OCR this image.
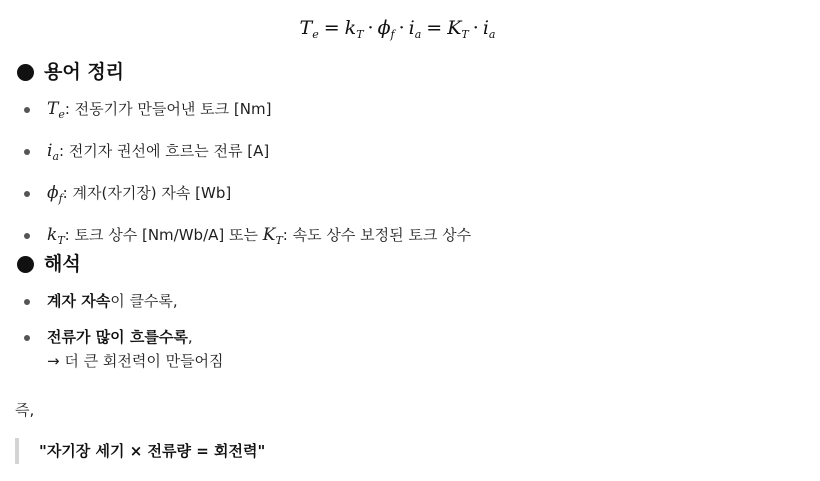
$T_e = k_T \cdot \phi_f \cdot i_a = K_T \cdot i_a$
용어 정리
$T_e$: 전동기가 만들어낸 토크 [Nm]
$i_a$: 전기자 권선에 흐르는 전류 [A]
$\phi_f$: 계자(자기장) 자속 [Wb]
$k_T$: 토크 상수 [Nm/Wb/A] 또는 $K_T$: 속도 상수 보정된 토크 상수
해석
계자 자속이 클수록,
전류가 많이 흐를수록,
→ 더 큰 회전력이 만들어짐
즉,
"자기장 세기 × 전류량 = 회전력"
